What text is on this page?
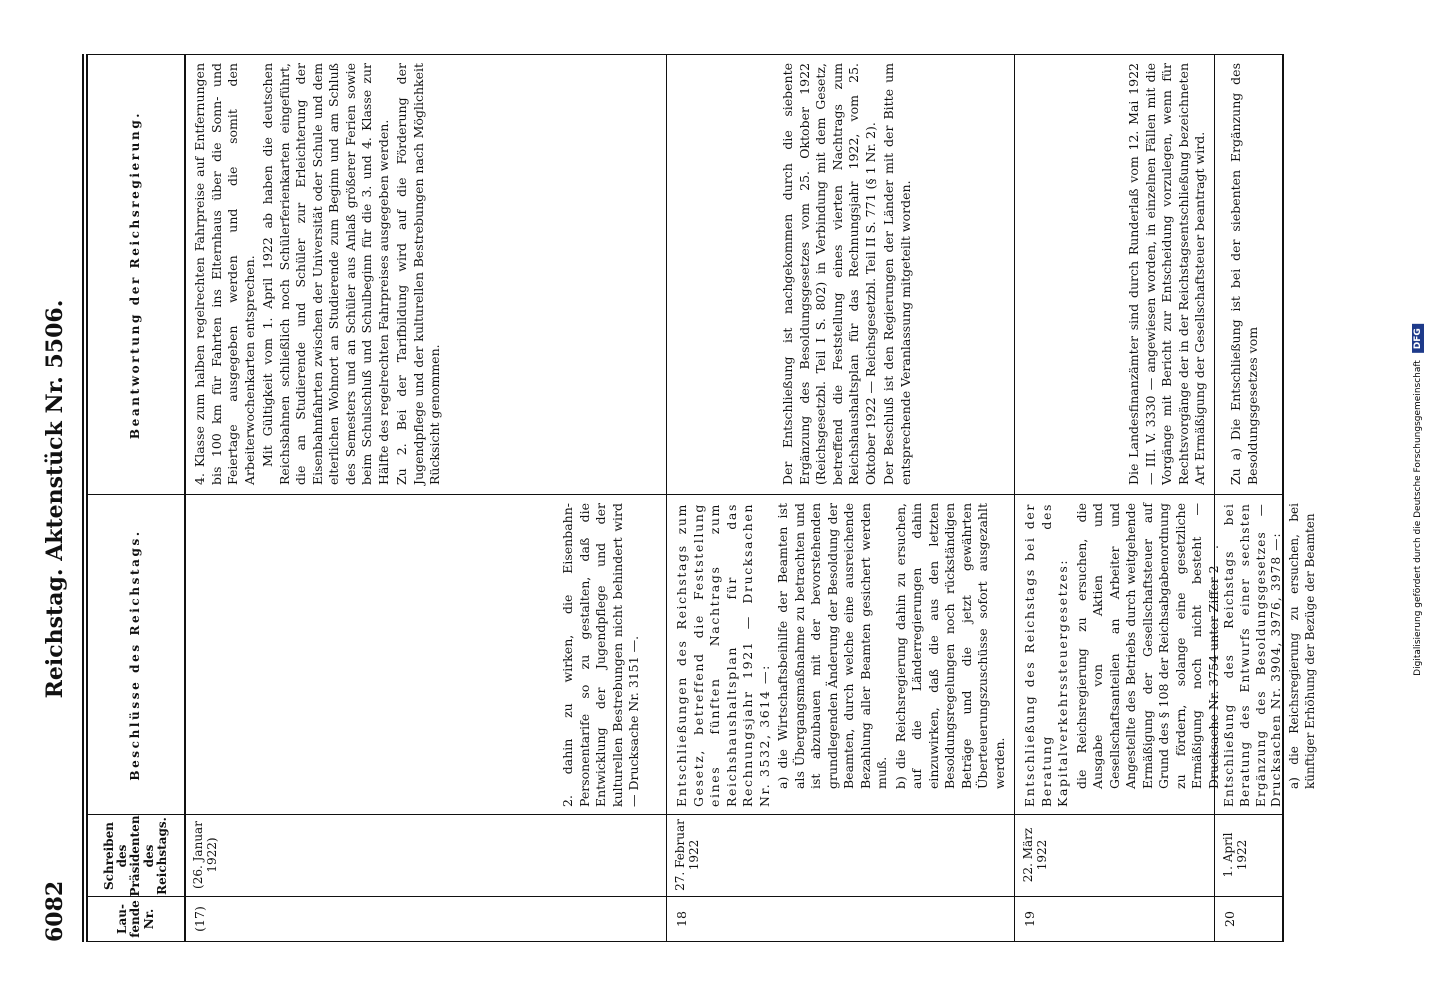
6082
Reichstag. Aktenstück Nr. 5506.
Lau-fende Nr.
Schreiben des Präsidenten des Reichstags.
Beschlüsse des Reichstags.
Beantwortung der Reichsregierung.
(17)
(26. Januar 1922)
2. dahin zu wirken, die Eisenbahn-Personentarife so zu gestalten, daß die Entwicklung der Jugendpflege und der kulturellen Bestrebungen nicht behindert wird — Drucksache Nr. 3151 —.

4. Klasse zum halben regelrechten Fahrpreise auf Entfernungen bis 100 km für Fahrten ins Elternhaus über die Sonn- und Feiertage ausgegeben werden und die somit den Arbeiterwochenkarten entsprechen. Mit Gültigkeit vom 1. April 1922 ab haben die deutschen Reichsbahnen schließlich noch Schülerferienkarten eingeführt, die an Studierende und Schüler zur Erleichterung der Eisenbahnfahrten zwischen der Universität oder Schule und dem elterlichen Wohnort an Studierende zum Beginn und am Schluß des Semesters und an Schüler aus Anlaß größerer Ferien sowie beim Schulschluß und Schulbeginn für die 3. und 4. Klasse zur Hälfte des regelrechten Fahrpreises ausgegeben werden. Zu 2. Bei der Tarifbildung wird auf die Förderung der Jugendpflege und der kulturellen Bestrebungen nach Möglichkeit Rücksicht genommen.

18
27. Februar 1922
Entschließungen des Reichstags zum Gesetz, betreffend die Feststellung eines fünften Nachtrags zum Reichshaushaltsplan für das Rechnungsjahr 1921 — Drucksachen Nr. 3532, 3614 —: a) die Wirtschaftsbeihilfe der Beamten ist als Übergangsmaßnahme zu betrachten und ist abzubauen mit der bevorstehenden grundlegenden Änderung der Besoldung der Beamten, durch welche eine ausreichende Bezahlung aller Beamten gesichert werden muß. b) die Reichsregierung dahin zu ersuchen, auf die Länderregierungen dahin einzuwirken, daß die aus den letzten Besoldungsregelungen noch rückständigen Beträge und die jetzt gewährten Überteuerungszuschüsse sofort ausgezahlt werden.

Der Entschließung ist nachgekommen durch die siebente Ergänzung des Besoldungsgesetzes vom 25. Oktober 1922 (Reichsgesetzbl. Teil I S. 802) in Verbindung mit dem Gesetz, betreffend die Feststellung eines vierten Nachtrags zum Reichshaushaltsplan für das Rechnungsjahr 1922, vom 25. Oktober 1922 — Reichsgesetzbl. Teil II S. 771 (§ 1 Nr. 2). Der Beschluß ist den Regierungen der Länder mit der Bitte um entsprechende Veranlassung mitgeteilt worden.

19
22. März 1922
Entschließung des Reichstags bei der Beratung des Kapitalverkehrssteuergesetzes: die Reichsregierung zu ersuchen, die Ausgabe von Aktien und Gesellschaftsanteilen an Arbeiter und Angestellte des Betriebs durch weitgehende Ermäßigung der Gesellschaftsteuer auf Grund des § 108 der Reichsabgabenordnung zu fördern, solange eine gesetzliche Ermäßigung noch nicht besteht — Drucksache Nr. 3754 unter Ziffer 2 —.

Die Landesfinanzämter sind durch Runderlaß vom 12. Mai 1922 — III. V. 3330 — angewiesen worden, in einzelnen Fällen mit die Vorgänge mit Bericht zur Entscheidung vorzulegen, wenn für Rechtsvorgänge der in der Reichstagsentschließung bezeichneten Art Ermäßigung der Gesellschaftsteuer beantragt wird.

20
1. April 1922
Entschließung des Reichstags bei Beratung des Entwurfs einer sechsten Ergänzung des Besoldungsgesetzes — Drucksachen Nr. 3904, 3976, 3978 —: a) die Reichsregierung zu ersuchen, bei künftiger Erhöhung der Bezüge der Beamten

Zu a) Die Entschließung ist bei der siebenten Ergänzung des Besoldungsgesetzes vom	Digitalisierung gefördert durch die Deutsche Forschungsgemeinschaft DFG
